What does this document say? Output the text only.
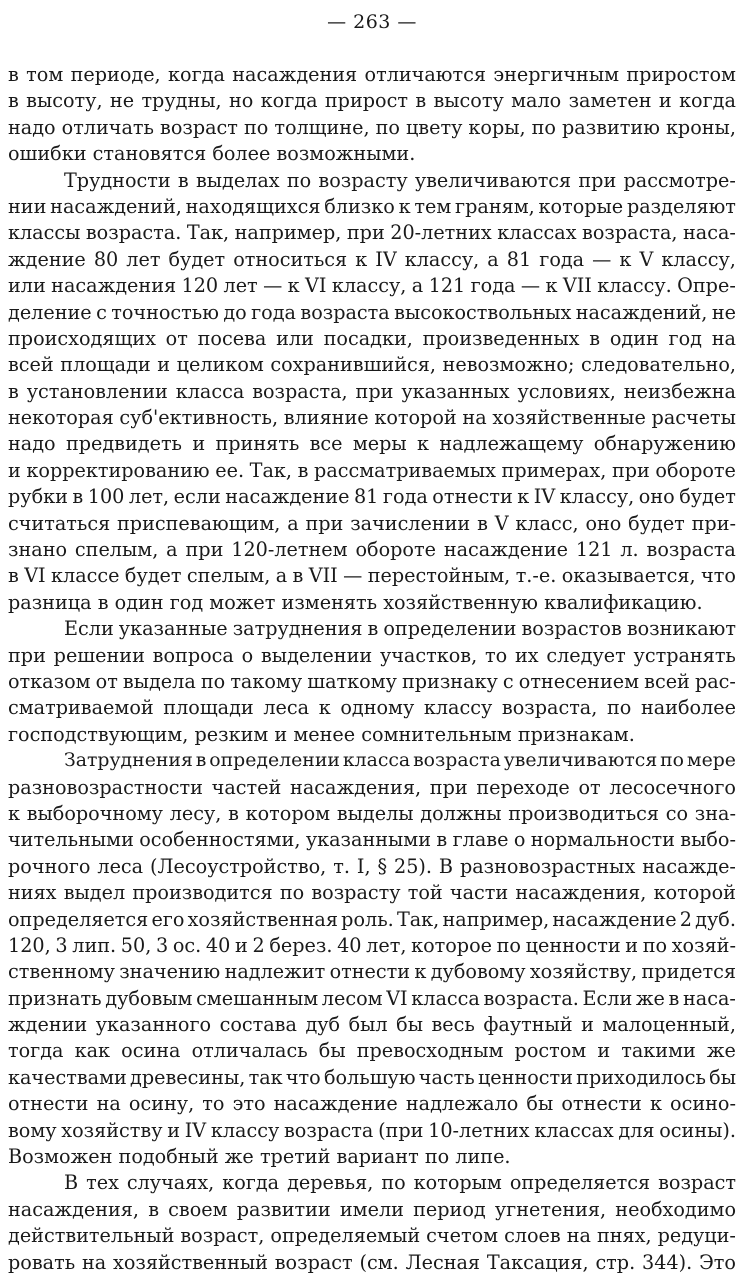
— 263 —
в том периоде, когда насаждения отличаются энергичным приростом
в высоту, не трудны, но когда прирост в высоту мало заметен и когда
надо отличать возраст по толщине, по цвету коры, по развитию кроны,
ошибки становятся более возможными.
Трудности в выделах по возрасту увеличиваются при рассмотре-
нии насаждений, находящихся близко к тем граням, которые разделяют
классы возраста. Так, например, при 20-летних классах возраста, наса-
ждение 80 лет будет относиться к IV классу, а 81 года — к V классу,
или насаждения 120 лет — к VI классу, а 121 года — к VII классу. Опре-
деление с точностью до года возраста высокоствольных насаждений, не
происходящих от посева или посадки, произведенных в один год на
всей площади и целиком сохранившийся, невозможно; следовательно,
в установлении класса возраста, при указанных условиях, неизбежна
некоторая суб'ективность, влияние которой на хозяйственные расчеты
надо предвидеть и принять все меры к надлежащему обнаружению
и корректированию ее. Так, в рассматриваемых примерах, при обороте
рубки в 100 лет, если насаждение 81 года отнести к IV классу, оно будет
считаться приспевающим, а при зачислении в V класс, оно будет при-
знано спелым, а при 120-летнем обороте насаждение 121 л. возраста
в VI классе будет спелым, а в VII — перестойным, т.-е. оказывается, что
разница в один год может изменять хозяйственную квалификацию.
Если указанные затруднения в определении возрастов возникают
при решении вопроса о выделении участков, то их следует устранять
отказом от выдела по такому шаткому признаку с отнесением всей рас-
сматриваемой площади леса к одному классу возраста, по наиболее
господствующим, резким и менее сомнительным признакам.
Затруднения в определении класса возраста увеличиваются по мере
разновозрастности частей насаждения, при переходе от лесосечного
к выборочному лесу, в котором выделы должны производиться со зна-
чительными особенностями, указанными в главе о нормальности выбо-
рочного леса (Лесоустройство, т. I, § 25). В разновозрастных насажде-
ниях выдел производится по возрасту той части насаждения, которой
определяется его хозяйственная роль. Так, например, насаждение 2 дуб.
120, 3 лип. 50, 3 ос. 40 и 2 берез. 40 лет, которое по ценности и по хозяй-
ственному значению надлежит отнести к дубовому хозяйству, придется
признать дубовым смешанным лесом VI класса возраста. Если же в наса-
ждении указанного состава дуб был бы весь фаутный и малоценный,
тогда как осина отличалась бы превосходным ростом и такими же
качествами древесины, так что большую часть ценности приходилось бы
отнести на осину, то это насаждение надлежало бы отнести к осино-
вому хозяйству и IV классу возраста (при 10-летних классах для осины).
Возможен подобный же третий вариант по липе.
В тех случаях, когда деревья, по которым определяется возраст
насаждения, в своем развитии имели период угнетения, необходимо
действительный возраст, определяемый счетом слоев на пнях, редуци-
ровать на хозяйственный возраст (см. Лесная Таксация, стр. 344). Это
